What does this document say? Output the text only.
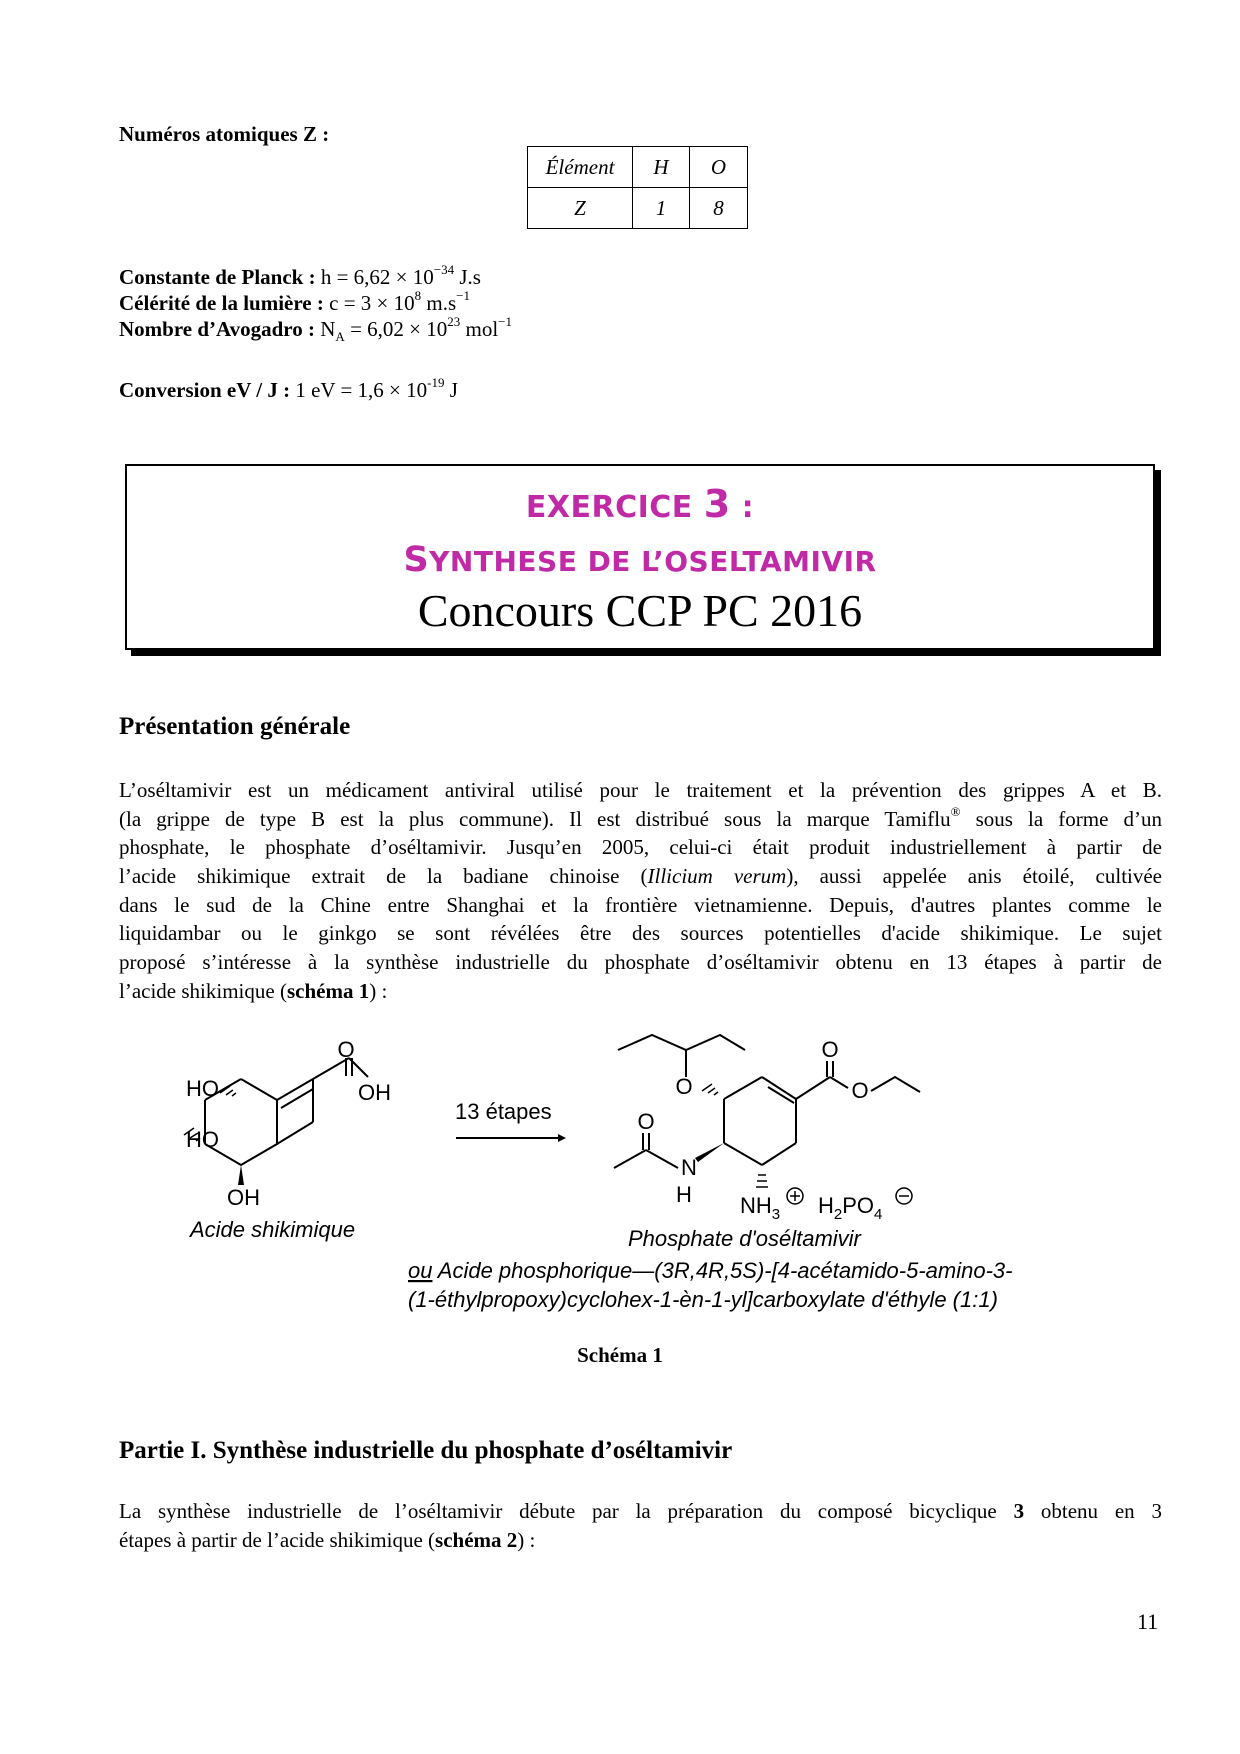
Numéros atomiques Z :
Élément	H	O
Z	1	8
Constante de Planck : $h = 6,62 \times 10^{-34}$ J.s
Célérité de la lumière : $c = 3 \times 10^8$ $m.s^{-1}$
Nombre d’Avogadro : $N_A = 6,02 \times 10^{23}$ mol$^{-1}$
Conversion eV / J : 1 eV = $1,6 \times 10^{-19}$ J
EXERCICE 3 :
SYNTHESE DE L’OSELTAMIVIR
Concours CCP PC 2016
Présentation générale
L’oséltamivir est un médicament antiviral utilisé pour le traitement et la prévention des grippes A et B.
(la grippe de type B est la plus commune). Il est distribué sous la marque Tamiflu® sous la forme d’un
phosphate, le phosphate d’oséltamivir. Jusqu’en 2005, celui-ci était produit industriellement à partir de
l’acide shikimique extrait de la badiane chinoise (Illicium verum), aussi appelée anis étoilé, cultivée
dans le sud de la Chine entre Shanghai et la frontière vietnamienne. Depuis, d'autres plantes comme le
liquidambar ou le ginkgo se sont révélées être des sources potentielles d'acide shikimique. Le sujet
proposé s’intéresse à la synthèse industrielle du phosphate d’oséltamivir obtenu en 13 étapes à partir de
l’acide shikimique (schéma 1) :
O
OH
HO
HO
OH
Acide shikimique
13 étapes
O
O
O
O
N
H $NH_3$ $H_2PO_4$
Phosphate d'oséltamivir
ou Acide phosphorique—(3R,4R,5S)-[4-acétamido-5-amino-3-
(1-éthylpropoxy)cyclohex-1-èn-1-yl]carboxylate d'éthyle (1:1)
Schéma 1
Partie I. Synthèse industrielle du phosphate d’oséltamivir
La synthèse industrielle de l’oséltamivir débute par la préparation du composé bicyclique 3 obtenu en 3
étapes à partir de l’acide shikimique (schéma 2) :
11
